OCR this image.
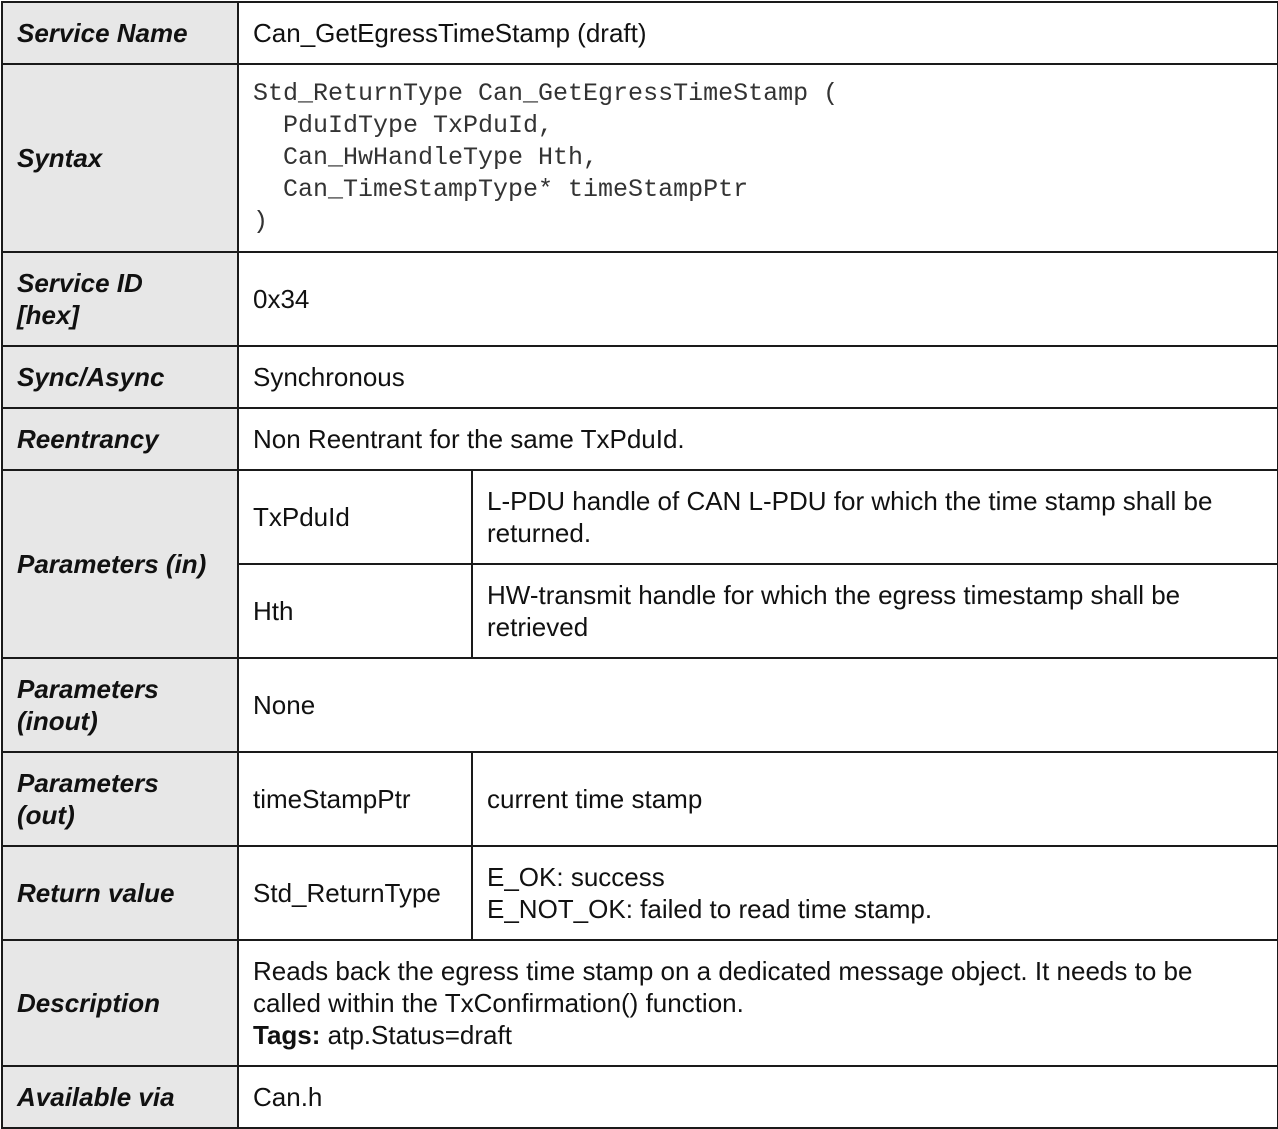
Service Name	Can_GetEgressTimeStamp (draft)	
Syntax	Std_ReturnType Can_GetEgressTimeStamp (
PduIdType TxPduId,
Can_HwHandleType Hth,
Can_TimeStampType* timeStampPtr
)	

Service ID
[hex]	0x34	
Sync/Async	Synchronous	
Reentrancy	Non Reentrant for the same TxPduId.	
Parameters (in)	TxPduId	L-PDU handle of CAN L-PDU for which the time stamp shall be
returned.

	Hth	HW-transmit handle for which the egress timestamp shall be
retrieved

Parameters
(inout)	None	

Parameters
(out)	timeStampPtr	current time stamp
Return value	Std_ReturnType	E_OK: success
E_NOT_OK: failed to read time stamp.

Description	Reads back the egress time stamp on a dedicated message object. It needs to be
called within the TxConfirmation() function.
Tags: atp.Status=draft	

Available via	Can.h	
